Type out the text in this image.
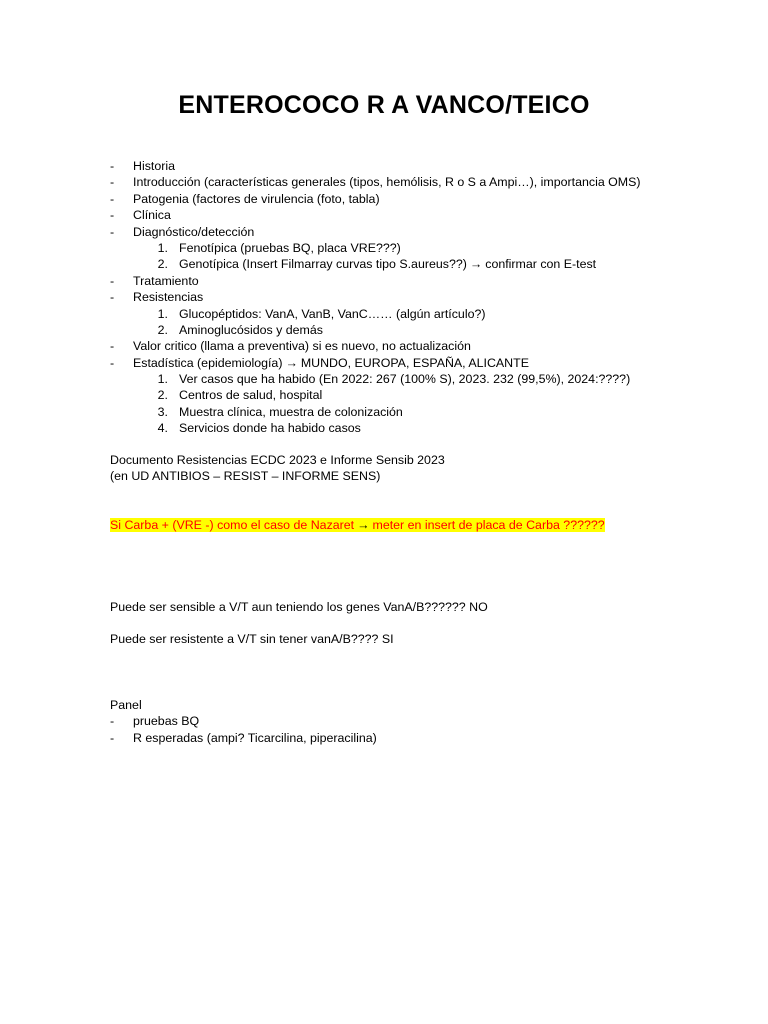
ENTEROCOCO R A VANCO/TEICO
- Historia
- Introducción (características generales (tipos, hemólisis, R o S a Ampi…), importancia OMS)
- Patogenia (factores de virulencia (foto, tabla)
- Clínica
- Diagnóstico/detección
1. Fenotípica (pruebas BQ, placa VRE???)
2. Genotípica (Insert Filmarray curvas tipo S.aureus??) → confirmar con E-test
- Tratamiento
- Resistencias
1. Glucopéptidos: VanA, VanB, VanC…… (algún artículo?)
2. Aminoglucósidos y demás
- Valor critico (llama a preventiva) si es nuevo, no actualización
- Estadística (epidemiología) → MUNDO, EUROPA, ESPAÑA, ALICANTE
1. Ver casos que ha habido (En 2022: 267 (100% S), 2023. 232 (99,5%), 2024:????)
2. Centros de salud, hospital
3. Muestra clínica, muestra de colonización
4. Servicios donde ha habido casos
Documento Resistencias ECDC 2023 e Informe Sensib 2023
(en UD ANTIBIOS – RESIST – INFORME SENS)
Si Carba + (VRE -) como el caso de Nazaret → meter en insert de placa de Carba ??????
Puede ser sensible a V/T aun teniendo los genes VanA/B?????? NO
Puede ser resistente a V/T sin tener vanA/B???? SI
Panel
- pruebas BQ
- R esperadas (ampi? Ticarcilina, piperacilina)
